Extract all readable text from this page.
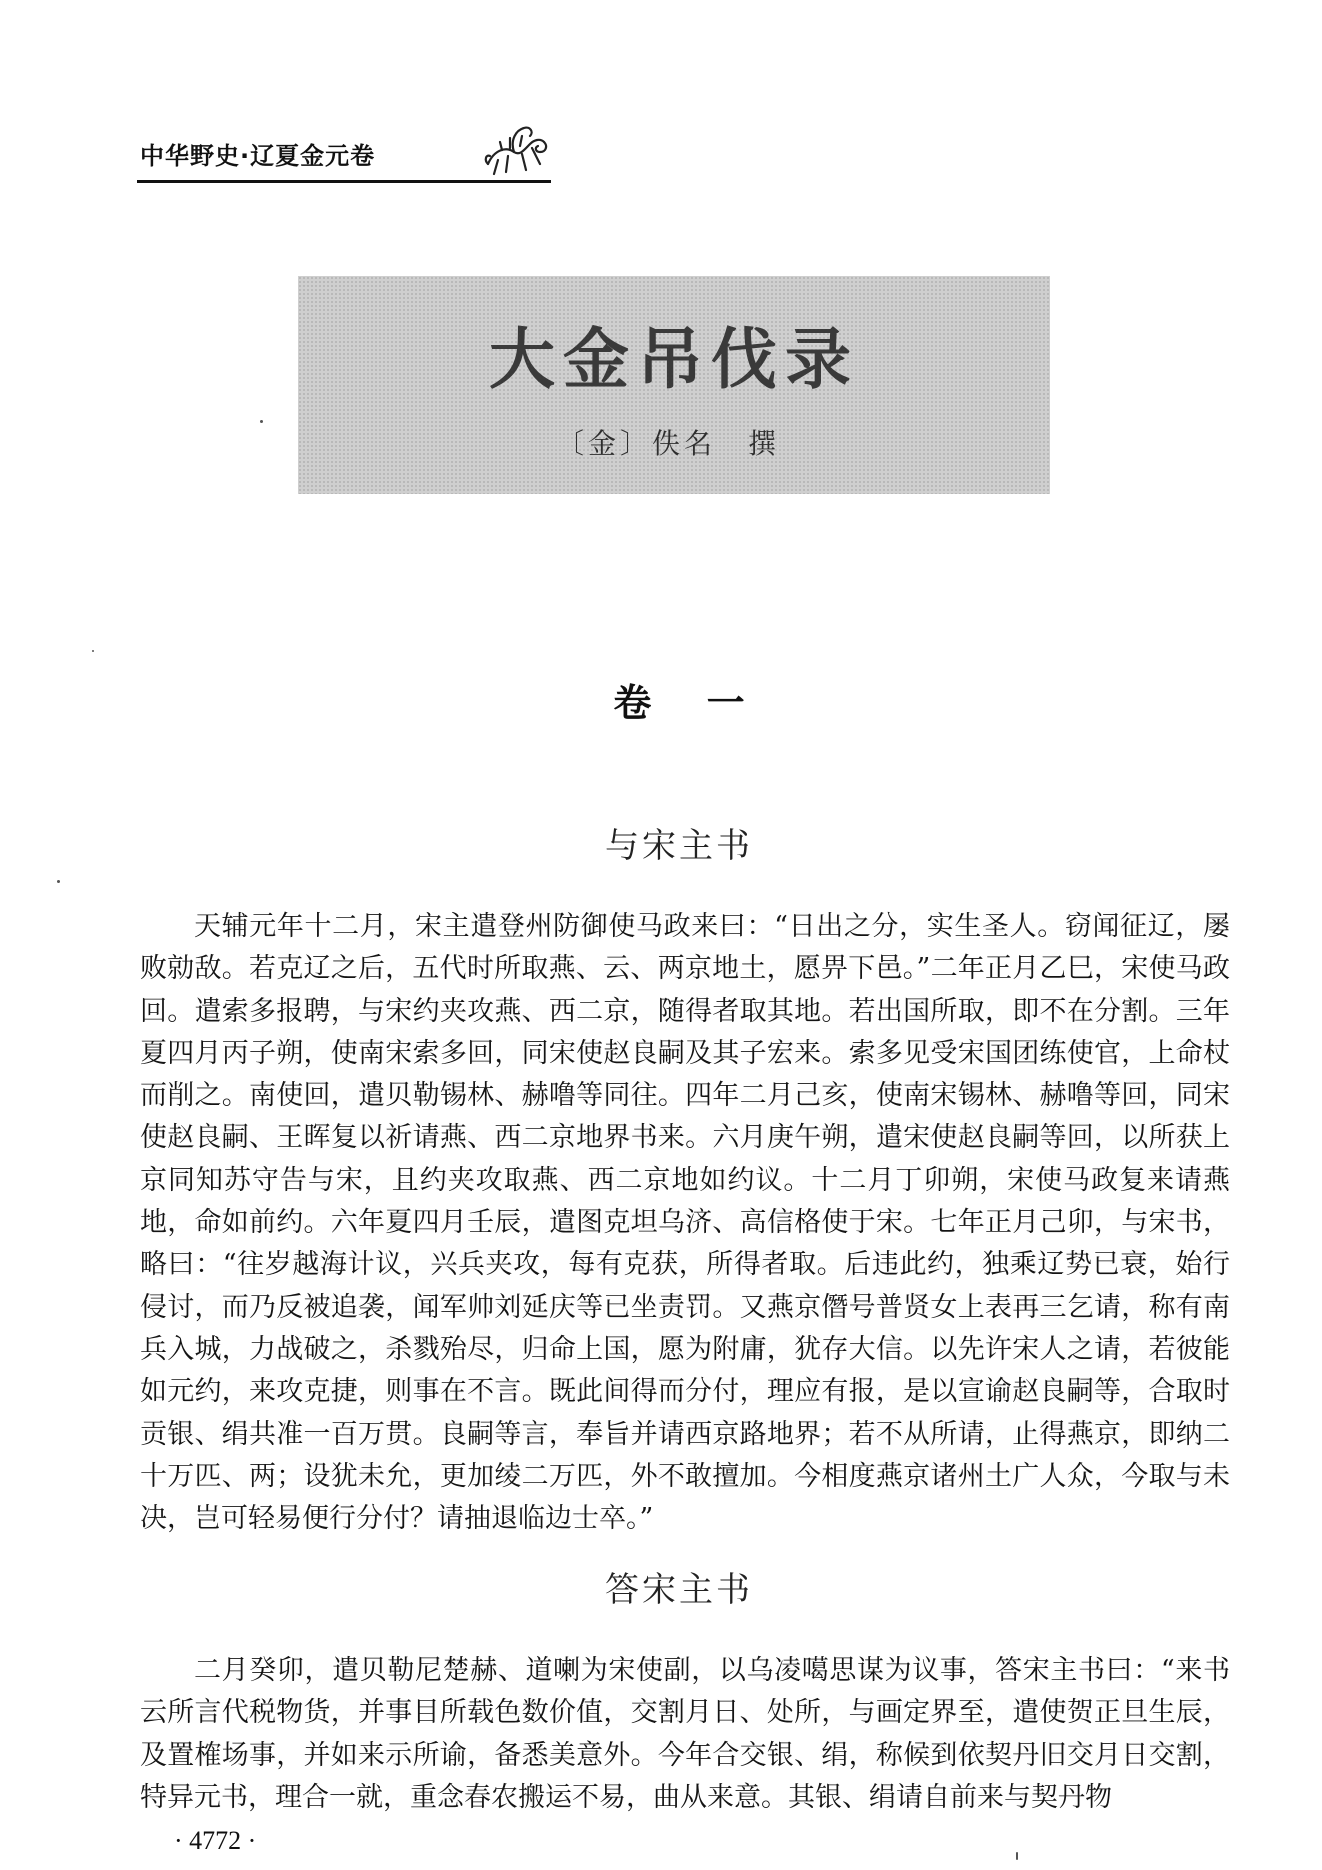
中华野史·辽夏金元卷
大金吊伐录
〔金〕佚名　撰
卷 一
与宋主书

天辅元年十二月，宋主遣登州防御使马政来曰：“日出之分，实生圣人。窃闻征辽，屡败勍敌。若克辽之后，五代时所取燕、云、两京地土，愿畀下邑。”二年正月乙巳，宋使马政回。遣索多报聘，与宋约夹攻燕、西二京，随得者取其地。若出国所取，即不在分割。三年夏四月丙子朔，使南宋索多回，同宋使赵良嗣及其子宏来。索多见受宋国团练使官，上命杖而削之。南使回，遣贝勒锡林、赫噜等同往。四年二月己亥，使南宋锡林、赫噜等回，同宋使赵良嗣、王晖复以祈请燕、西二京地界书来。六月庚午朔，遣宋使赵良嗣等回，以所获上京同知苏守告与宋，且约夹攻取燕、西二京地如约议。十二月丁卯朔，宋使马政复来请燕地，命如前约。六年夏四月壬辰，遣图克坦乌济、高信格使于宋。七年正月己卯，与宋书，略曰：“往岁越海计议，兴兵夹攻，每有克获，所得者取。后违此约，独乘辽势已衰，始行侵讨，而乃反被追袭，闻军帅刘延庆等已坐责罚。又燕京僭号普贤女上表再三乞请，称有南兵入城，力战破之，杀戮殆尽，归命上国，愿为附庸，犹存大信。以先许宋人之请，若彼能如元约，来攻克捷，则事在不言。既此间得而分付，理应有报，是以宣谕赵良嗣等，合取时贡银、绢共准一百万贯。良嗣等言，奉旨并请西京路地界；若不从所请，止得燕京，即纳二十万匹、两；设犹未允，更加绫二万匹，外不敢擅加。今相度燕京诸州土广人众，今取与未决，岂可轻易便行分付？请抽退临边士卒。”

答宋主书

二月癸卯，遣贝勒尼楚赫、道喇为宋使副，以乌凌噶思谋为议事，答宋主书曰：“来书云所言代税物货，并事目所载色数价值，交割月日、处所，与画定界至，遣使贺正旦生辰，及置榷场事，并如来示所谕，备悉美意外。今年合交银、绢，称候到依契丹旧交月日交割，特异元书，理合一就，重念春农搬运不易，曲从来意。其银、绢请自前来与契丹物

· 4772 ·
